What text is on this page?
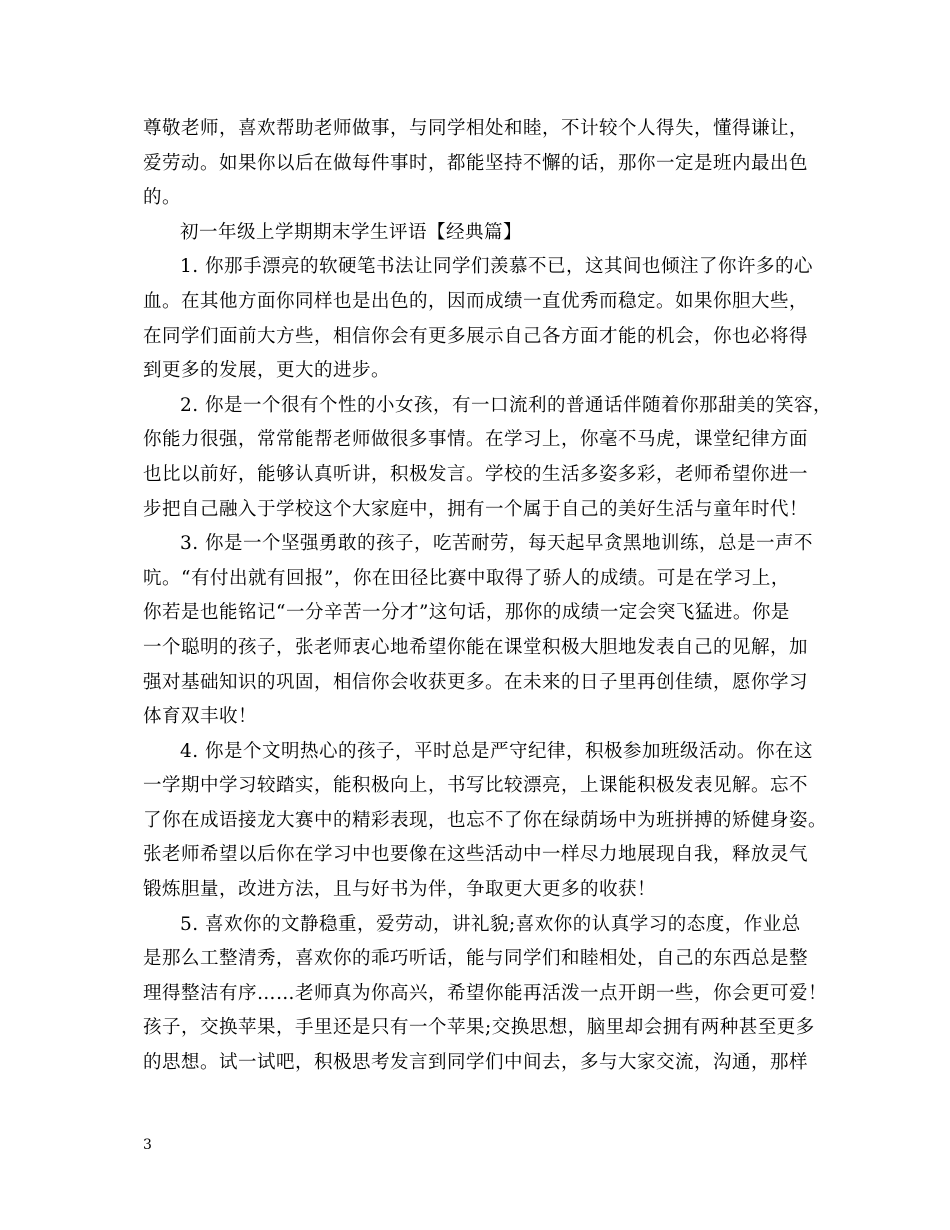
尊敬老师，喜欢帮助老师做事，与同学相处和睦，不计较个人得失，懂得谦让，
爱劳动。如果你以后在做每件事时，都能坚持不懈的话，那你一定是班内最出色
的。
初一年级上学期期末学生评语【经典篇】
1. 你那手漂亮的软硬笔书法让同学们羡慕不已，这其间也倾注了你许多的心
血。在其他方面你同样也是出色的，因而成绩一直优秀而稳定。如果你胆大些，
在同学们面前大方些，相信你会有更多展示自己各方面才能的机会，你也必将得
到更多的发展，更大的进步。
2. 你是一个很有个性的小女孩，有一口流利的普通话伴随着你那甜美的笑容，
你能力很强，常常能帮老师做很多事情。在学习上，你毫不马虎，课堂纪律方面
也比以前好，能够认真听讲，积极发言。学校的生活多姿多彩，老师希望你进一
步把自己融入于学校这个大家庭中，拥有一个属于自己的美好生活与童年时代！
3. 你是一个坚强勇敢的孩子，吃苦耐劳，每天起早贪黑地训练，总是一声不
吭。“有付出就有回报”，你在田径比赛中取得了骄人的成绩。可是在学习上，
你若是也能铭记“一分辛苦一分才”这句话，那你的成绩一定会突飞猛进。你是
一个聪明的孩子，张老师衷心地希望你能在课堂积极大胆地发表自己的见解，加
强对基础知识的巩固，相信你会收获更多。在未来的日子里再创佳绩，愿你学习
体育双丰收！
4. 你是个文明热心的孩子，平时总是严守纪律，积极参加班级活动。你在这
一学期中学习较踏实，能积极向上，书写比较漂亮，上课能积极发表见解。忘不
了你在成语接龙大赛中的精彩表现，也忘不了你在绿荫场中为班拼搏的矫健身姿。
张老师希望以后你在学习中也要像在这些活动中一样尽力地展现自我，释放灵气
锻炼胆量，改进方法，且与好书为伴，争取更大更多的收获！
5. 喜欢你的文静稳重，爱劳动，讲礼貌;喜欢你的认真学习的态度，作业总
是那么工整清秀，喜欢你的乖巧听话，能与同学们和睦相处，自己的东西总是整
理得整洁有序……老师真为你高兴，希望你能再活泼一点开朗一些，你会更可爱！
孩子，交换苹果，手里还是只有一个苹果;交换思想，脑里却会拥有两种甚至更多
的思想。试一试吧，积极思考发言到同学们中间去，多与大家交流，沟通，那样
3
